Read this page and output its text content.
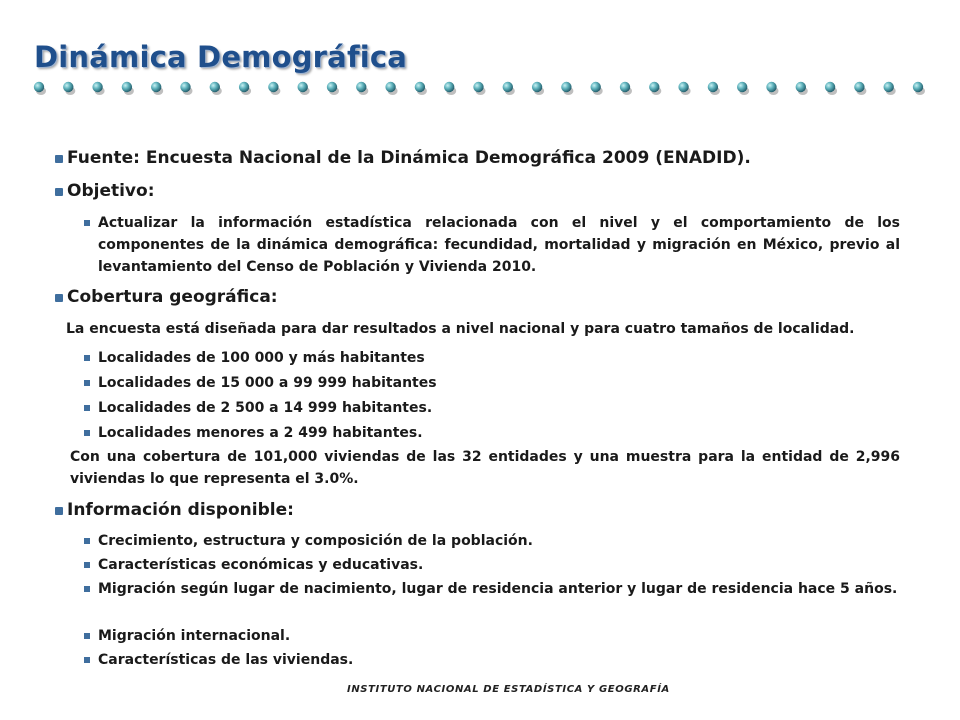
Dinámica Demográfica
Fuente: Encuesta Nacional de la Dinámica Demográfica 2009 (ENADID).
Objetivo:
Actualizar la información estadística relacionada con el nivel y el comportamiento de los componentes de la dinámica demográfica: fecundidad, mortalidad y migración en México, previo al levantamiento del Censo de Población y Vivienda 2010.
Cobertura geográfica:
La encuesta está diseñada para dar resultados a nivel nacional y para cuatro tamaños de localidad.
Localidades de 100 000 y más habitantes
Localidades de 15 000 a 99 999 habitantes
Localidades de 2 500 a 14 999 habitantes.
Localidades menores a 2 499 habitantes.
Con una cobertura de 101,000 viviendas de las 32 entidades y una muestra para la entidad de 2,996 viviendas lo que representa el 3.0%.
Información disponible:
Crecimiento, estructura y composición de la población.
Características económicas y educativas.
Migración según lugar de nacimiento, lugar de residencia anterior y lugar de residencia hace 5 años.
Migración internacional.
Características de las viviendas.
INSTITUTO NACIONAL DE ESTADÍSTICA Y GEOGRAFÍA
